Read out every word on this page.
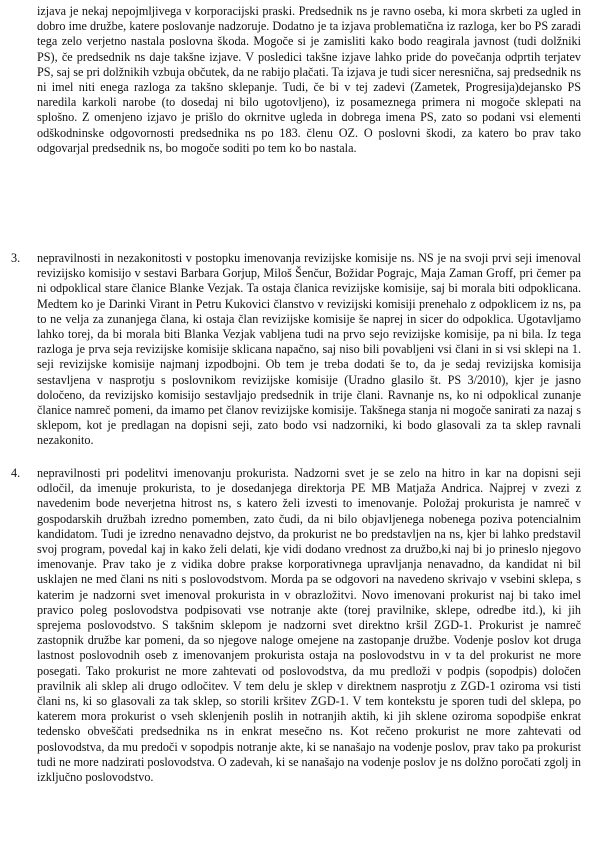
izjava je nekaj nepojmljivega v korporacijski praski. Predsednik ns je ravno oseba, ki mora skrbeti za ugled in dobro ime družbe, katere poslovanje nadzoruje. Dodatno je ta izjava problematična iz razloga, ker bo PS zaradi tega zelo verjetno nastala poslovna škoda. Mogoče si je zamisliti kako bodo reagirala javnost (tudi dolžniki PS), če predsednik ns daje takšne izjave. V posledici takšne izjave lahko pride do povečanja odprtih terjatev PS, saj se pri dolžnikih vzbuja občutek, da ne rabijo plačati. Ta izjava je tudi sicer neresnična, saj predsednik ns ni imel niti enega razloga za takšno sklepanje. Tudi, če bi v tej zadevi (Zametek, Progresija)dejansko PS naredila karkoli narobe (to dosedaj ni bilo ugotovljeno), iz posameznega primera ni mogoče sklepati na splošno. Z omenjeno izjavo je prišlo do okrnitve ugleda in dobrega imena PS, zato so podani vsi elementi odškodninske odgovornosti predsednika ns po 183. členu OZ. O poslovni škodi, za katero bo prav tako odgovarjal predsednik ns, bo mogoče soditi po tem ko bo nastala.

3. nepravilnosti in nezakonitosti v postopku imenovanja revizijske komisije ns. NS je na svoji prvi seji imenoval revizijsko komisijo v sestavi Barbara Gorjup, Miloš Šenčur, Božidar Pograjc, Maja Zaman Groff, pri čemer pa ni odpoklical stare članice Blanke Vezjak. Ta ostaja članica revizijske komisije, saj bi morala biti odpoklicana. Medtem ko je Darinki Virant in Petru Kukovici članstvo v revizijski komisiji prenehalo z odpoklicem iz ns, pa to ne velja za zunanjega člana, ki ostaja član revizijske komisije še naprej in sicer do odpoklica. Ugotavljamo lahko torej, da bi morala biti Blanka Vezjak vabljena tudi na prvo sejo revizijske komisije, pa ni bila. Iz tega razloga je prva seja revizijske komisije sklicana napačno, saj niso bili povabljeni vsi člani in si vsi sklepi na 1. seji revizijske komisije najmanj izpodbojni. Ob tem je treba dodati še to, da je sedaj revizijska komisija sestavljena v nasprotju s poslovnikom revizijske komisije (Uradno glasilo št. PS 3/2010), kjer je jasno določeno, da revizijsko komisijo sestavljajo predsednik in trije člani. Ravnanje ns, ko ni odpoklical zunanje članice namreč pomeni, da imamo pet članov revizijske komisije. Takšnega stanja ni mogoče sanirati za nazaj s sklepom, kot je predlagan na dopisni seji, zato bodo vsi nadzorniki, ki bodo glasovali za ta sklep ravnali nezakonito.

4. nepravilnosti pri podelitvi imenovanju prokurista. Nadzorni svet je se zelo na hitro in kar na dopisni seji odločil, da imenuje prokurista, to je dosedanjega direktorja PE MB Matjaža Andrica. Najprej v zvezi z navedenim bode neverjetna hitrost ns, s katero želi izvesti to imenovanje. Položaj prokurista je namreč v gospodarskih družbah izredno pomemben, zato čudi, da ni bilo objavljenega nobenega poziva potencialnim kandidatom. Tudi je izredno nenavadno dejstvo, da prokurist ne bo predstavljen na ns, kjer bi lahko predstavil svoj program, povedal kaj in kako želi delati, kje vidi dodano vrednost za družbo,ki naj bi jo prineslo njegovo imenovanje. Prav tako je z vidika dobre prakse korporativnega upravljanja nenavadno, da kandidat ni bil usklajen ne med člani ns niti s poslovodstvom. Morda pa se odgovori na navedeno skrivajo v vsebini sklepa, s katerim je nadzorni svet imenoval prokurista in v obrazložitvi. Novo imenovani prokurist naj bi tako imel pravico poleg poslovodstva podpisovati vse notranje akte (torej pravilnike, sklepe, odredbe itd.), ki jih sprejema poslovodstvo. S takšnim sklepom je nadzorni svet direktno kršil ZGD-1. Prokurist je namreč zastopnik družbe kar pomeni, da so njegove naloge omejene na zastopanje družbe. Vodenje poslov kot druga lastnost poslovodnih oseb z imenovanjem prokurista ostaja na poslovodstvu in v ta del prokurist ne more posegati. Tako prokurist ne more zahtevati od poslovodstva, da mu predloži v podpis (sopodpis) določen pravilnik ali sklep ali drugo odločitev. V tem delu je sklep v direktnem nasprotju z ZGD-1 oziroma vsi tisti člani ns, ki so glasovali za tak sklep, so storili kršitev ZGD-1. V tem kontekstu je sporen tudi del sklepa, po katerem mora prokurist o vseh sklenjenih poslih in notranjih aktih, ki jih sklene oziroma sopodpiše enkrat tedensko obveščati predsednika ns in enkrat mesečno ns. Kot rečeno prokurist ne more zahtevati od poslovodstva, da mu predoči v sopodpis notranje akte, ki se nanašajo na vodenje poslov, prav tako pa prokurist tudi ne more nadzirati poslovodstva. O zadevah, ki se nanašajo na vodenje poslov je ns dolžno poročati zgolj in izključno poslovodstvo.
